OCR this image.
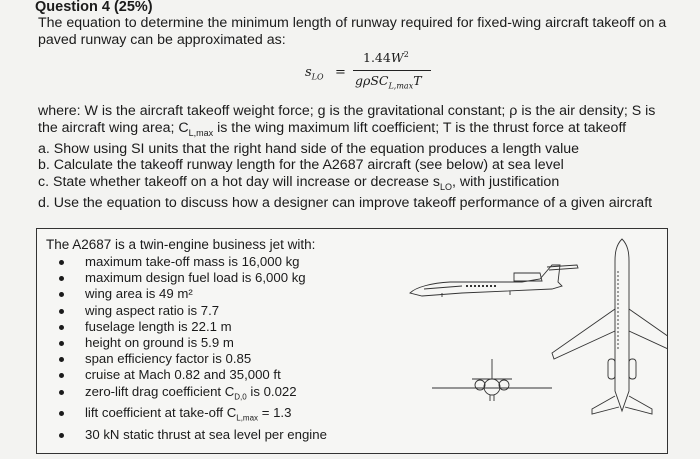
Question 4 (25%)
The equation to determine the minimum length of runway required for fixed-wing aircraft takeoff on a paved runway can be approximated as:
$s_{LO}$ =
$1.44W^2$
gρSC$_{L,max}$T

where: W is the aircraft takeoff weight force; g is the gravitational constant; ρ is the air density; S is

the aircraft wing area; $C_{L,max}$ is the wing maximum lift coefficient; T is the thrust force at takeoff

a. Show using SI units that the right hand side of the equation produces a length value

b. Calculate the takeoff runway length for the A2687 aircraft (see below) at sea level

c. State whether takeoff on a hot day will increase or decrease $s_{LO}$, with justification

d. Use the equation to discuss how a designer can improve takeoff performance of a given aircraft

The A2687 is a twin-engine business jet with:
maximum take-off mass is 16,000 kg
maximum design fuel load is 6,000 kg
wing area is 49 m²
wing aspect ratio is 7.7
fuselage length is 22.1 m
height on ground is 5.9 m
span efficiency factor is 0.85
cruise at Mach 0.82 and 35,000 ft
zero-lift drag coefficient $C_{D,0}$ is 0.022
lift coefficient at take-off $C_{L,max} = 1.3$
30 kN static thrust at sea level per engine
